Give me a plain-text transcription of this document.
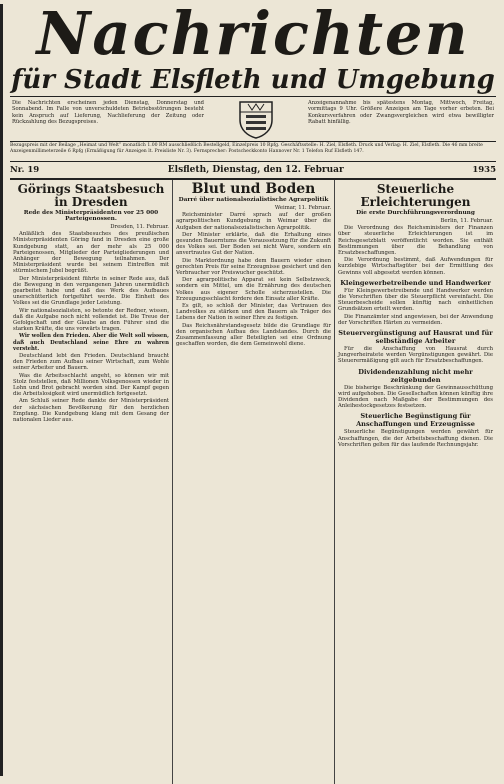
Nachrichten
für Stadt Elsfleth und Umgebung
Die Nachrichten erscheinen jeden Dienstag, Donnerstag und Sonnabend. Im Falle von unverschuldeten Betriebsstörungen besteht kein Anspruch auf Lieferung, Nachlieferung der Zeitung oder Rückzahlung des Bezugspreises.
Anzeigenannahme bis spätestens Montag, Mittwoch, Freitag, vormittags 9 Uhr. Größere Anzeigen am Tage vorher erbeten. Bei Konkursverfahren oder Zwangsvergleichen wird etwa bewilligter Rabatt hinfällig.
Bezugspreis mit der Beilage „Heimat und Welt“ monatlich 1.00 RM ausschließlich Bestellgeld, Einzelpreis 10 Rpfg. Geschäftsstelle: H. Ziel, Elsfleth. Druck und Verlag: H. Ziel, Elsfleth. Die 46 mm breite Anzeigenmillimeterzeile 6 Rpfg (Ermäßigung für Anzeigen lt. Preisliste Nr. 3). Fernsprecher: Postscheckkonto Hannover Nr. 1 Telefon Ruf Elsfleth 147.
Nr. 19	Elsfleth, Dienstag, den 12. Februar	1935
Görings Staatsbesuch in Dresden
Rede des Ministerpräsidenten vor 25 000 Parteigenossen.

Dresden, 11. Februar.

Anläßlich des Staatsbesuches des preußischen Ministerpräsidenten Göring fand in Dresden eine große Kundgebung statt, an der mehr als 25 000 Parteigenossen, Mitglieder der Parteigliederungen und Anhänger der Bewegung teilnahmen. Der Ministerpräsident wurde bei seinem Eintreffen mit stürmischem Jubel begrüßt.

Der Ministerpräsident führte in seiner Rede aus, daß die Bewegung in den vergangenen Jahren unermüdlich gearbeitet habe und daß das Werk des Aufbaues unerschütterlich fortgeführt werde. Die Einheit des Volkes sei die Grundlage jeder Leistung.

Wir nationalsozialisten, so betonte der Redner, wissen, daß die Aufgabe noch nicht vollendet ist. Die Treue der Gefolgschaft und der Glaube an den Führer sind die starken Kräfte, die uns vorwärts tragen.

Wir wollen den Frieden. Aber die Welt soll wissen, daß auch Deutschland seine Ehre zu wahren versteht.

Deutschland lebt den Frieden. Deutschland braucht den Frieden zum Aufbau seiner Wirtschaft, zum Wohle seiner Arbeiter und Bauern.

Was die Arbeitsschlacht angeht, so können wir mit Stolz feststellen, daß Millionen Volksgenossen wieder in Lohn und Brot gebracht worden sind. Der Kampf gegen die Arbeitslosigkeit wird unermüdlich fortgesetzt.

Am Schluß seiner Rede dankte der Ministerpräsident der sächsischen Bevölkerung für den herzlichen Empfang. Die Kundgebung klang mit dem Gesang der nationalen Lieder aus.

Blut und Boden
Darré über nationalsozialistische Agrarpolitik

Weimar, 11. Februar.

Reichsminister Darré sprach auf der großen agrarpolitischen Kundgebung in Weimar über die Aufgaben der nationalsozialistischen Agrarpolitik.

Der Minister erklärte, daß die Erhaltung eines gesunden Bauerntums die Voraussetzung für die Zukunft des Volkes sei. Der Boden sei nicht Ware, sondern ein anvertrautes Gut der Nation.

Die Marktordnung habe dem Bauern wieder einen gerechten Preis für seine Erzeugnisse gesichert und den Verbraucher vor Preiswucher geschützt.

Der agrarpolitische Apparat sei kein Selbstzweck, sondern ein Mittel, um die Ernährung des deutschen Volkes aus eigener Scholle sicherzustellen. Die Erzeugungsschlacht fordere den Einsatz aller Kräfte.

Es gilt, so schloß der Minister, das Vertrauen des Landvolkes zu stärken und den Bauern als Träger des Lebens der Nation in seiner Ehre zu festigen.

Das Reichsnährstandsgesetz bilde die Grundlage für den organischen Aufbau des Landstandes. Durch die Zusammenfassung aller Beteiligten sei eine Ordnung geschaffen worden, die dem Gemeinwohl diene.

Steuerliche Erleichterungen
Die erste Durchführungsverordnung

Berlin, 11. Februar.

Die Verordnung des Reichsministers der Finanzen über steuerliche Erleichterungen ist im Reichsgesetzblatt veröffentlicht worden. Sie enthält Bestimmungen über die Behandlung von Ersatzbeschaffungen.

Die Verordnung bestimmt, daß Aufwendungen für kurzlebige Wirtschaftsgüter bei der Ermittlung des Gewinns voll abgesetzt werden können.

Kleingewerbetreibende und Handwerker

Für Kleingewerbetreibende und Handwerker werden die Vorschriften über die Steuerpflicht vereinfacht. Die Steuerbescheide sollen künftig nach einheitlichen Grundsätzen erteilt werden.

Die Finanzämter sind angewiesen, bei der Anwendung der Vorschriften Härten zu vermeiden.

Steuervergünstigung auf Hausrat und für selbständige Arbeiter

Für die Anschaffung von Hausrat durch Jungverheiratete werden Vergünstigungen gewährt. Die Steuerermäßigung gilt auch für Ersatzbeschaffungen.

Dividendenzahlung nicht mehr zeitgebunden

Die bisherige Beschränkung der Gewinnausschüttung wird aufgehoben. Die Gesellschaften können künftig ihre Dividenden nach Maßgabe der Bestimmungen des Anleihestockgesetzes festsetzen.

Steuerliche Begünstigung für Anschaffungen und Erzeugnisse

Steuerliche Begünstigungen werden gewährt für Anschaffungen, die der Arbeitsbeschaffung dienen. Die Vorschriften gelten für das laufende Rechnungsjahr.
